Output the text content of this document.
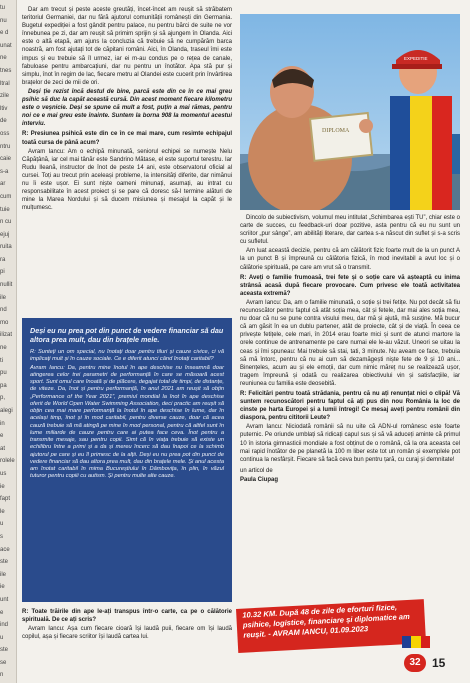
tu
nu
e d
unat
ne
tnes
ltral
zile
ltiv
de
oss
ntru
caie
s-a
ar
cum
tuie
n cu
ejuj
ruita
ra
pi
nullit
ile
nd
mo
ilizat
ne
ti
pu
pa
p,
alegi
in
e
at
rolele
us
ie
fapt
le
u
s
ace
ste
ile
ie
unt
e
ind
u
ste
se
n

Dar am trecut și peste aceste greutăți, încet-încet am reușit să străbatem teritoriul Germaniei, dar nu fără ajutorul comunității românești din Germania. Bugetul expediției a fost gândit pentru palace, nu pentru bărci de suite ne vor înnebunea pe zi, dar am reușit să primim sprijin și să ajungem în Olanda. Aici este o altă etapă, am ajuns la concluzia că trebuie să ne cumpărăm barca noastră, am fost ajutați tot de căpitani români. Aici, în Olanda, traseul îmi este impus și eu trebuie să îl urmez, iar ei m-au condus pe o rețea de canale, fabuloase pentru ambarcațiuni, dar nu pentru un înotător. Apa stă pur și simplu, înot în regim de lac, fiecare metru al Olandei este cucerit prin învârtirea brațelor de zeci de mii de ori.

Deși ție rezist încă destul de bine, parcă este din ce în ce mai greu psihic să duc la capăt această cursă. Din acest moment fiecare kilometru este o veșnicie. Deși se spune că mult a fost, puțin a mai rămas, pentru noi ce e mai greu este înainte. Suntem la borna 908 la momentul acestui interviu.

R: Presiunea psihică este din ce în ce mai mare, cum resimte echipajul toată cursa de până acum?

Avram Iancu: Am o echipă minunată, seniorul echipei se numește Nelu Căpățână, iar cel mai tânăr este Sandrino Mătase, el este suportul terestru. Iar Rudu Ileană, instructor de înot de peste 14 ani, este observatorul oficial al cursei. Toți au trecut prin aceleași probleme, la intensități diferite, dar nimănui nu îi este ușor. Ei sunt niște oameni minunați, asumați, au intrat cu responsabilitate în acest proiect și se pare că doresc să-l termine alături de mine la Marea Nordului și să ducem misiunea și mesajul la capăt și le mulțumesc.

Deși eu nu prea pot din punct de vedere financiar să dau altora prea mult, dau din brațele mele.

R: Sunteți un om special, nu înotați doar pentru tiluri și cauze civice, ci vă implicați mult și în cauze sociale. Ce e diferit atunci când înotați caritabil?

Avram Iancu: Da, pentru mine înotul în ape deschise nu înseamnă doar atingerea celor trei parametri de performanță în care se măsoară acest sport. Sunt omul care înoată și de plăcere, degajat total de timpi, de distanțe, de viteze. Da, înot și pentru performanță, în anul 2021 am reușit să obțin „Performance of the Year 2021”, premiul mondial la înot în ape deschise oferit de World Open Water Swimming Association, deci practic am reușit să obțin cea mai mare performanță la înotul în ape deschise în lume, dar în același timp, înot și în mod caritabil, pentru diverse cauze, doar că acea cauză trebuie să mă atingă pe mine în mod personal, pentru că altfel sunt în lume miliarde de cauze pentru care ai putea face ceva. Înot pentru a transmite mesaje, sau pentru copii. Simt că în viața trebuie să existe un echilibru între a primi și a da și mereu încerc să dau înapoi ce la schimb ajutorul pe care și eu îl primesc de la alții. Deși eu nu prea pot din punct de vedere financiar să dau altora prea mult, dau din brațele mele. Și anul acesta am înotat caritabil în mima Bucureștiului în Dâmbovița, în plin, în văzul tuturor pentru copiii cu autism. Și pentru multe alte cauze.

R: Toate trăirile din ape le-ați transpus într-o carte, ca pe o călătorie spirituală. De ce ați scris?

Avram Iancu: Așa cum fiecare cioară își laudă puii, fiecare om își laudă copilul, așa și fiecare scriitor își laudă cartea lui.

DIPLOMA
EXPEDITIE

Dincolo de subiectivism, volumul meu intitulat „Schimbarea ești TU”, chiar este o carte de succes, cu feedback-uri doar pozitive, asta pentru că eu nu sunt un scriitor „pur sânge”, am abilități literare, dar cartea s-a născut din suflet și s-a scris cu sufletul.

Am luat această decizie, pentru că am călătorit fizic foarte mult de la un punct A la un punct B și împreună cu călătoria fizică, în mod inevitabil a avut loc și o călătorie spirituală, pe care am vrut să o transmit.

R: Aveți o familie frumoasă, trei fete și o soție care vă așteaptă cu inima strânsă acasă după fiecare provocare. Cum privesc ele toată activitatea aceasta extremă?

Avram Iancu: Da, am o familie minunată, o soție și trei fetițe. Nu pot decât să fiu recunoscător pentru faptul că atât soția mea, cât și fetele, dar mai ales soția mea, nu doar că nu se pune contra visului meu, dar mă și ajută, mă susține. Mă bucur că am găsit în ea un dublu partener, atât de proiecte, cât și de viață. În ceea ce privește fetițele, cele mari, în 2014 erau foarte mici și sunt de atunci martore la orele continue de antrenamente pe care numai ele le-au văzut. Uneori se uitau la ceas și îmi spuneau: Mai trebuie să stai, tati, 3 minute. Nu aveam ce face, trebuia să mă întorc, pentru că nu ai cum să dezamăgești niște fete de 9 și 10 ani... Binențeles, acum au și ele emoții, dar cum nimic măreț nu se realizează ușor, tragem împreună și odată cu realizarea obiectivului vin și satisfacțiile, iar reuniunea cu familia este deosebită.

R: Felicitări pentru toată strădania, pentru că nu ați renunțat nici o clipă! Vă suntem recunoscători pentru faptul că ați pus din nou România la loc de cinste pe harta Europei și a lumii întregi! Ce mesaj aveți pentru românii din diaspora, pentru cititorii Leute?

Avram Iancu: Niciodată românii să nu uite că ADN-ul românesc este foarte puternic. Pe oriunde umblați să ridicați capul sus și să vă aduceți aminte că primul 10 în istoria gimnasticii mondiale a fost obținut de o română, că la ora aceasta cel mai rapid înotător de pe planetă la 100 m liber este tot un român și exemplele pot continua la nesfârșit. Fiecare să facă ceva bun pentru țară, cu curaj și demnitate!

un articol de

Paula Ciupag

10.32 KM. După 48 de zile de eforturi fizice, psihice, logistice, financiare și diplomatice am reușit. - AVRAM IANCU, 01.09.2023
32 15
